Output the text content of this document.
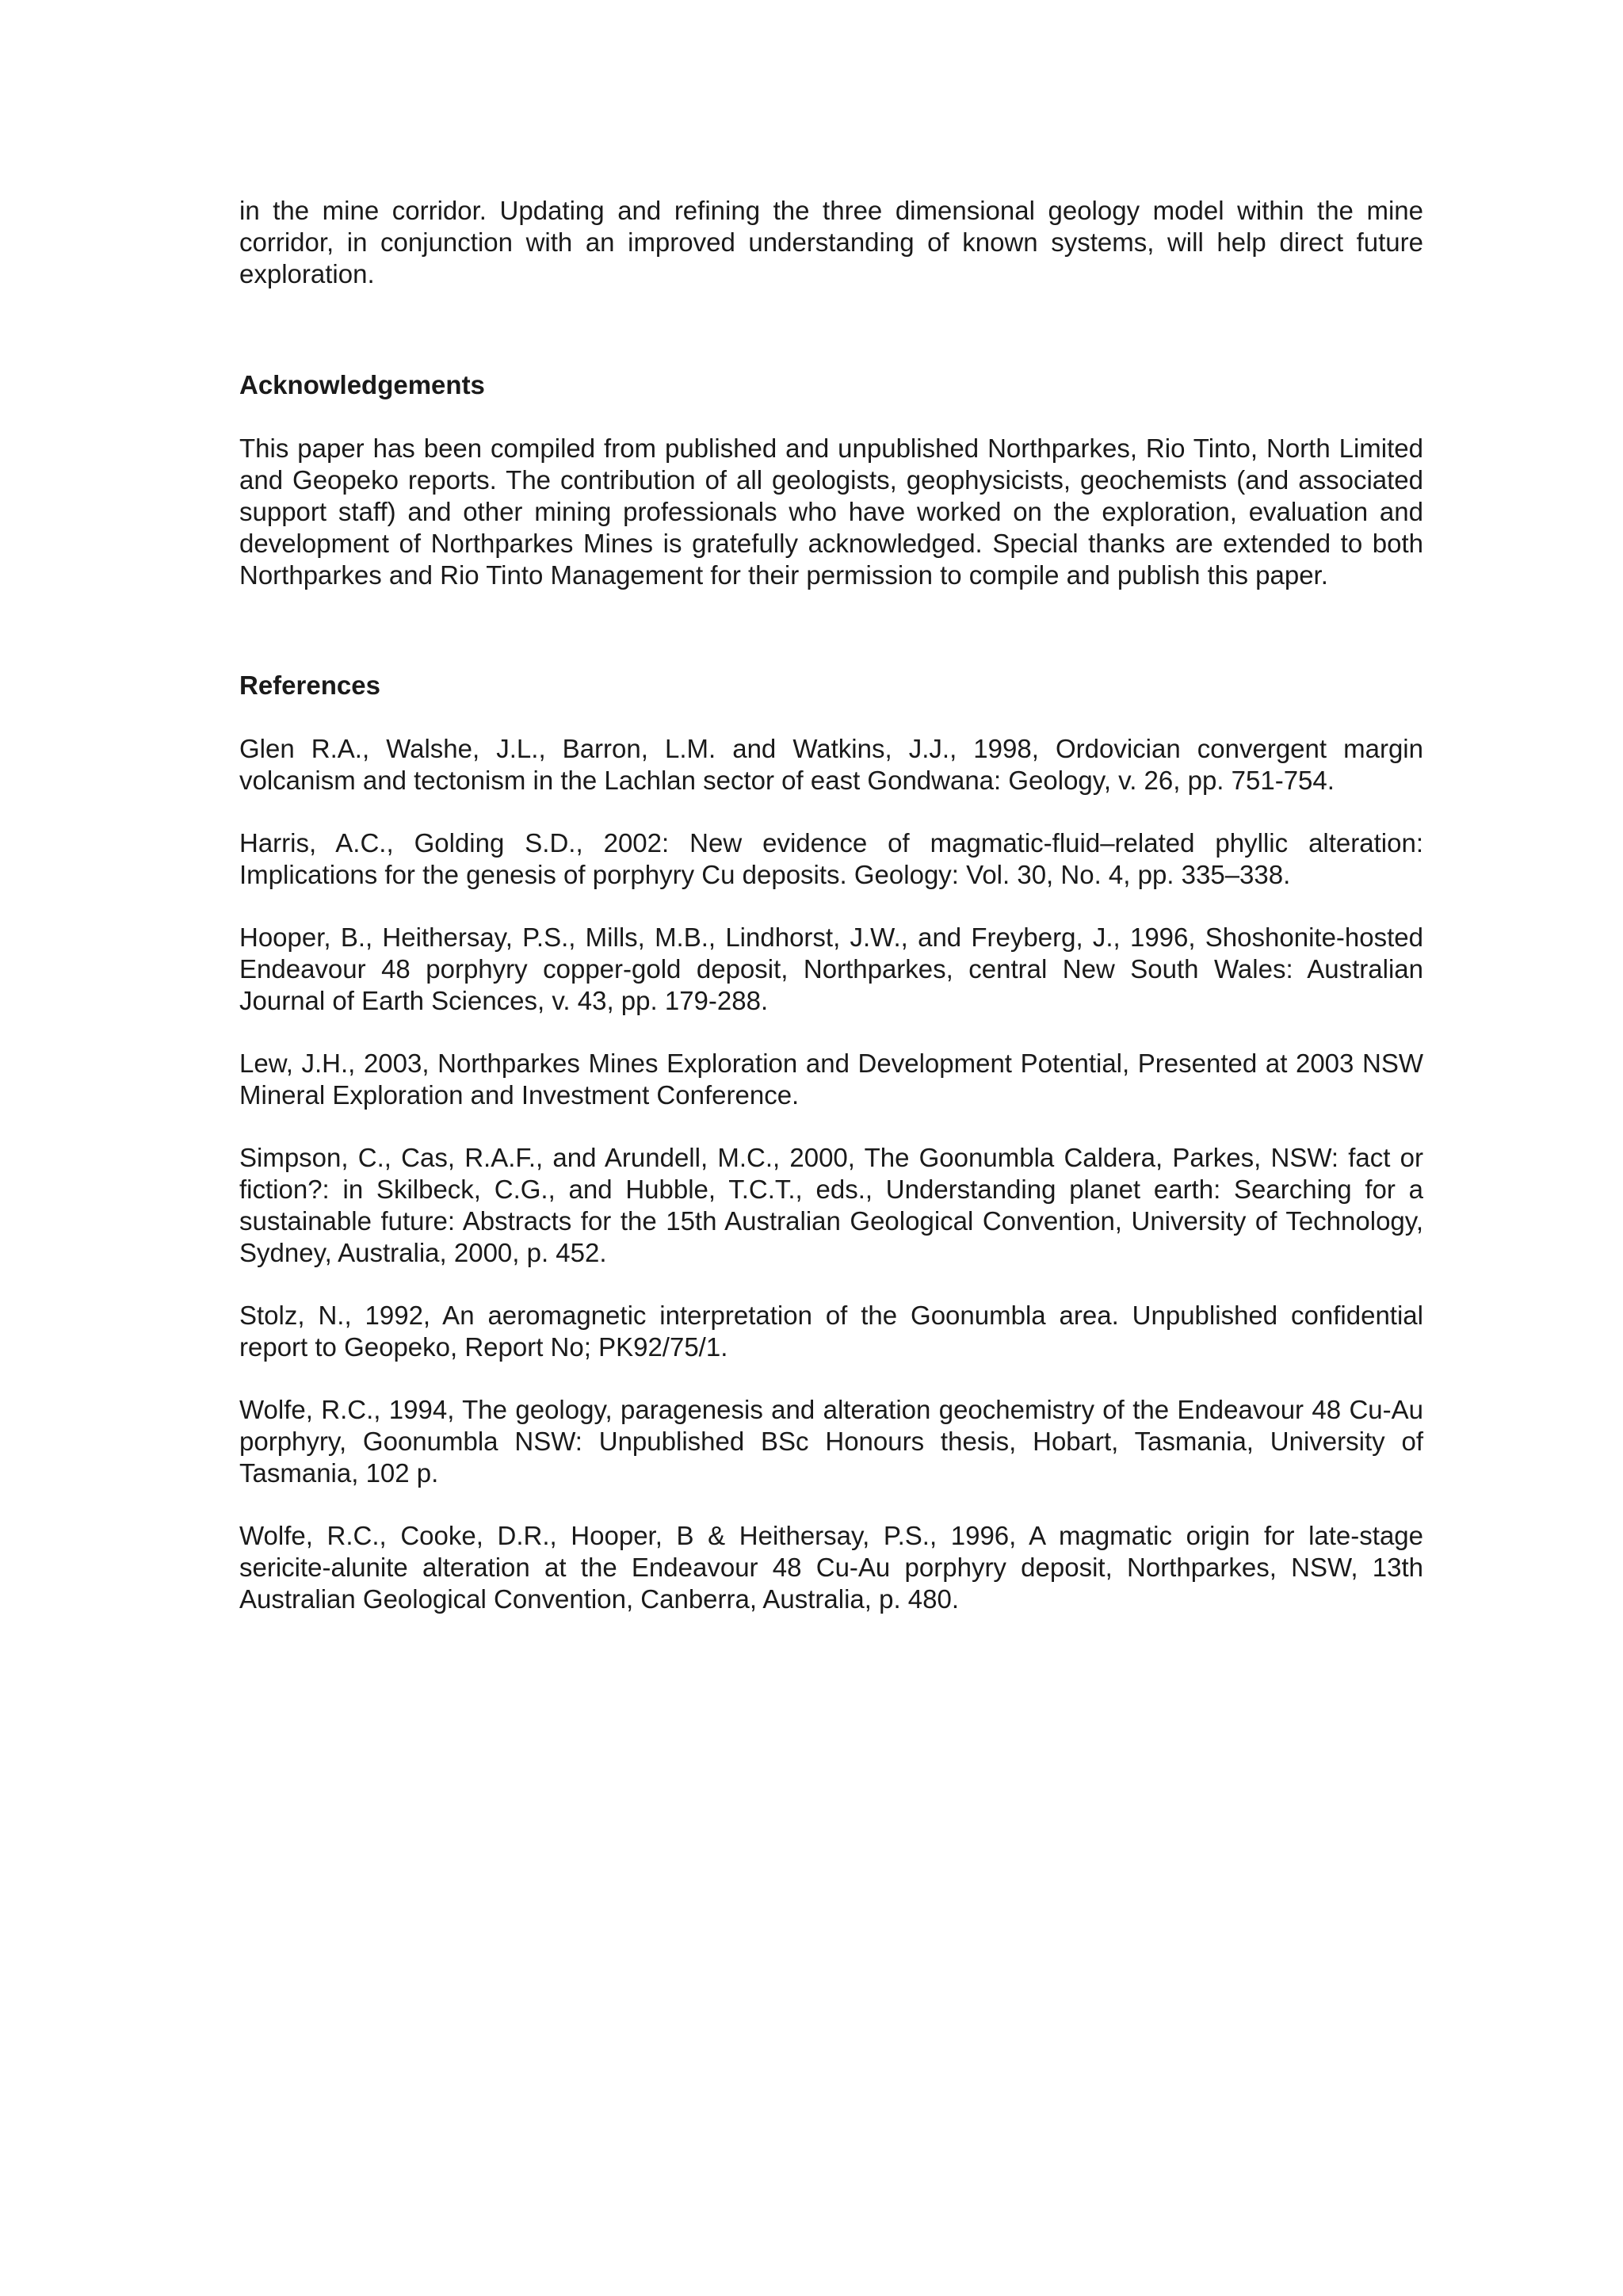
in the mine corridor. Updating and refining the three dimensional geology model within the mine corridor, in conjunction with an improved understanding of known systems, will help direct future exploration.

Acknowledgements

This paper has been compiled from published and unpublished Northparkes, Rio Tinto, North Limited and Geopeko reports. The contribution of all geologists, geophysicists, geochemists (and associated support staff) and other mining professionals who have worked on the exploration, evaluation and development of Northparkes Mines is gratefully acknowledged. Special thanks are extended to both Northparkes and Rio Tinto Management for their permission to compile and publish this paper.

References

Glen R.A., Walshe, J.L., Barron, L.M. and Watkins, J.J., 1998, Ordovician convergent margin volcanism and tectonism in the Lachlan sector of east Gondwana: Geology, v. 26, pp. 751-754.

Harris, A.C., Golding S.D., 2002: New evidence of magmatic-fluid–related phyllic alteration: Implications for the genesis of porphyry Cu deposits. Geology: Vol. 30, No. 4, pp. 335–338.

Hooper, B., Heithersay, P.S., Mills, M.B., Lindhorst, J.W., and Freyberg, J., 1996, Shoshonite-hosted Endeavour 48 porphyry copper-gold deposit, Northparkes, central New South Wales: Australian Journal of Earth Sciences, v. 43, pp. 179-288.

Lew, J.H., 2003, Northparkes Mines Exploration and Development Potential, Presented at 2003 NSW Mineral Exploration and Investment Conference.

Simpson, C., Cas, R.A.F., and Arundell, M.C., 2000, The Goonumbla Caldera, Parkes, NSW: fact or fiction?: in Skilbeck, C.G., and Hubble, T.C.T., eds., Understanding planet earth: Searching for a sustainable future: Abstracts for the 15th Australian Geological Convention, University of Technology, Sydney, Australia, 2000, p. 452.

Stolz, N., 1992, An aeromagnetic interpretation of the Goonumbla area. Unpublished confidential report to Geopeko, Report No; PK92/75/1.

Wolfe, R.C., 1994, The geology, paragenesis and alteration geochemistry of the Endeavour 48 Cu-Au porphyry, Goonumbla NSW: Unpublished BSc Honours thesis, Hobart, Tasmania, University of Tasmania, 102 p.

Wolfe, R.C., Cooke, D.R., Hooper, B & Heithersay, P.S., 1996, A magmatic origin for late-stage sericite-alunite alteration at the Endeavour 48 Cu-Au porphyry deposit, Northparkes, NSW, 13th Australian Geological Convention, Canberra, Australia, p. 480.
